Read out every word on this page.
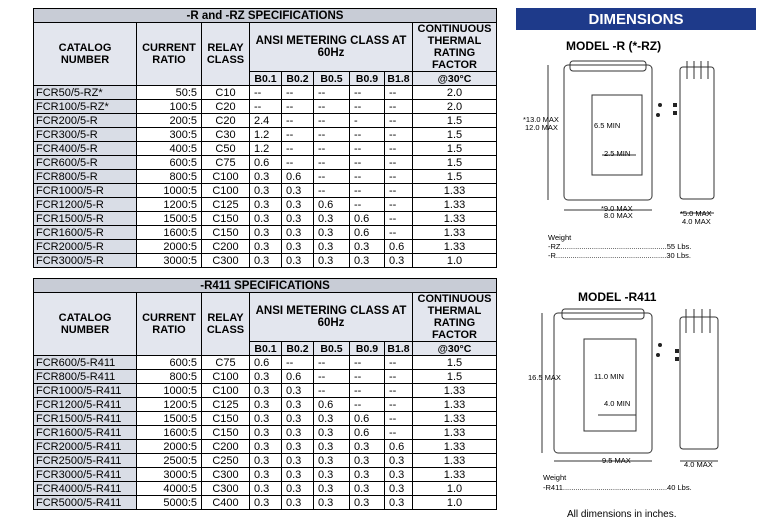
-R and -RZ SPECIFICATIONS								
CATALOG NUMBER	CURRENT RATIO	RELAY CLASS	ANSI METERING CLASS AT 60Hz					CONTINUOUS THERMAL RATING FACTOR
			B0.1	B0.2	B0.5	B0.9	B1.8	@30°C
FCR50/5-RZ*	50:5	C10	--	--	--	--	--	2.0
FCR100/5-RZ*	100:5	C20	--	--	--	--	--	2.0
FCR200/5-R	200:5	C20	2.4	--	--	-	--	1.5
FCR300/5-R	300:5	C30	1.2	--	--	--	--	1.5
FCR400/5-R	400:5	C50	1.2	--	--	--	--	1.5
FCR600/5-R	600:5	C75	0.6	--	--	--	--	1.5
FCR800/5-R	800:5	C100	0.3	0.6	--	--	--	1.5
FCR1000/5-R	1000:5	C100	0.3	0.3	--	--	--	1.33
FCR1200/5-R	1200:5	C125	0.3	0.3	0.6	--	--	1.33
FCR1500/5-R	1500:5	C150	0.3	0.3	0.3	0.6	--	1.33
FCR1600/5-R	1600:5	C150	0.3	0.3	0.3	0.6	--	1.33
FCR2000/5-R	2000:5	C200	0.3	0.3	0.3	0.3	0.6	1.33
FCR3000/5-R	3000:5	C300	0.3	0.3	0.3	0.3	0.3	1.0
-R411 SPECIFICATIONS								
CATALOG NUMBER	CURRENT RATIO	RELAY CLASS	ANSI METERING CLASS AT 60Hz					CONTINUOUS THERMAL RATING FACTOR
			B0.1	B0.2	B0.5	B0.9	B1.8	@30°C
FCR600/5-R411	600:5	C75	0.6	--	--	--	--	1.5
FCR800/5-R411	800:5	C100	0.3	0.6	--	--	--	1.5
FCR1000/5-R411	1000:5	C100	0.3	0.3	--	--	--	1.33
FCR1200/5-R411	1200:5	C125	0.3	0.3	0.6	--	--	1.33
FCR1500/5-R411	1500:5	C150	0.3	0.3	0.3	0.6	--	1.33
FCR1600/5-R411	1600:5	C150	0.3	0.3	0.3	0.6	--	1.33
FCR2000/5-R411	2000:5	C200	0.3	0.3	0.3	0.3	0.6	1.33
FCR2500/5-R411	2500:5	C250	0.3	0.3	0.3	0.3	0.3	1.33
FCR3000/5-R411	3000:5	C300	0.3	0.3	0.3	0.3	0.3	1.33
FCR4000/5-R411	4000:5	C300	0.3	0.3	0.3	0.3	0.3	1.0
FCR5000/5-R411	5000:5	C400	0.3	0.3	0.3	0.3	0.3	1.0
DIMENSIONS
MODEL -R (*-RZ)
*13.0 MAX
12.0 MAX	6.5 MIN
2.5 MIN
*9.0 MAX
8.0 MAX	*5.0 MAX
4.0 MAX
Weight
-RZ...................................................55 Lbs.
-R.....................................................30 Lbs.
MODEL -R411
16.5 MAX	11.0 MIN
4.0 MIN
9.5 MAX	4.0 MAX
Weight
-R411..................................................40 Lbs.
All dimensions in inches.
